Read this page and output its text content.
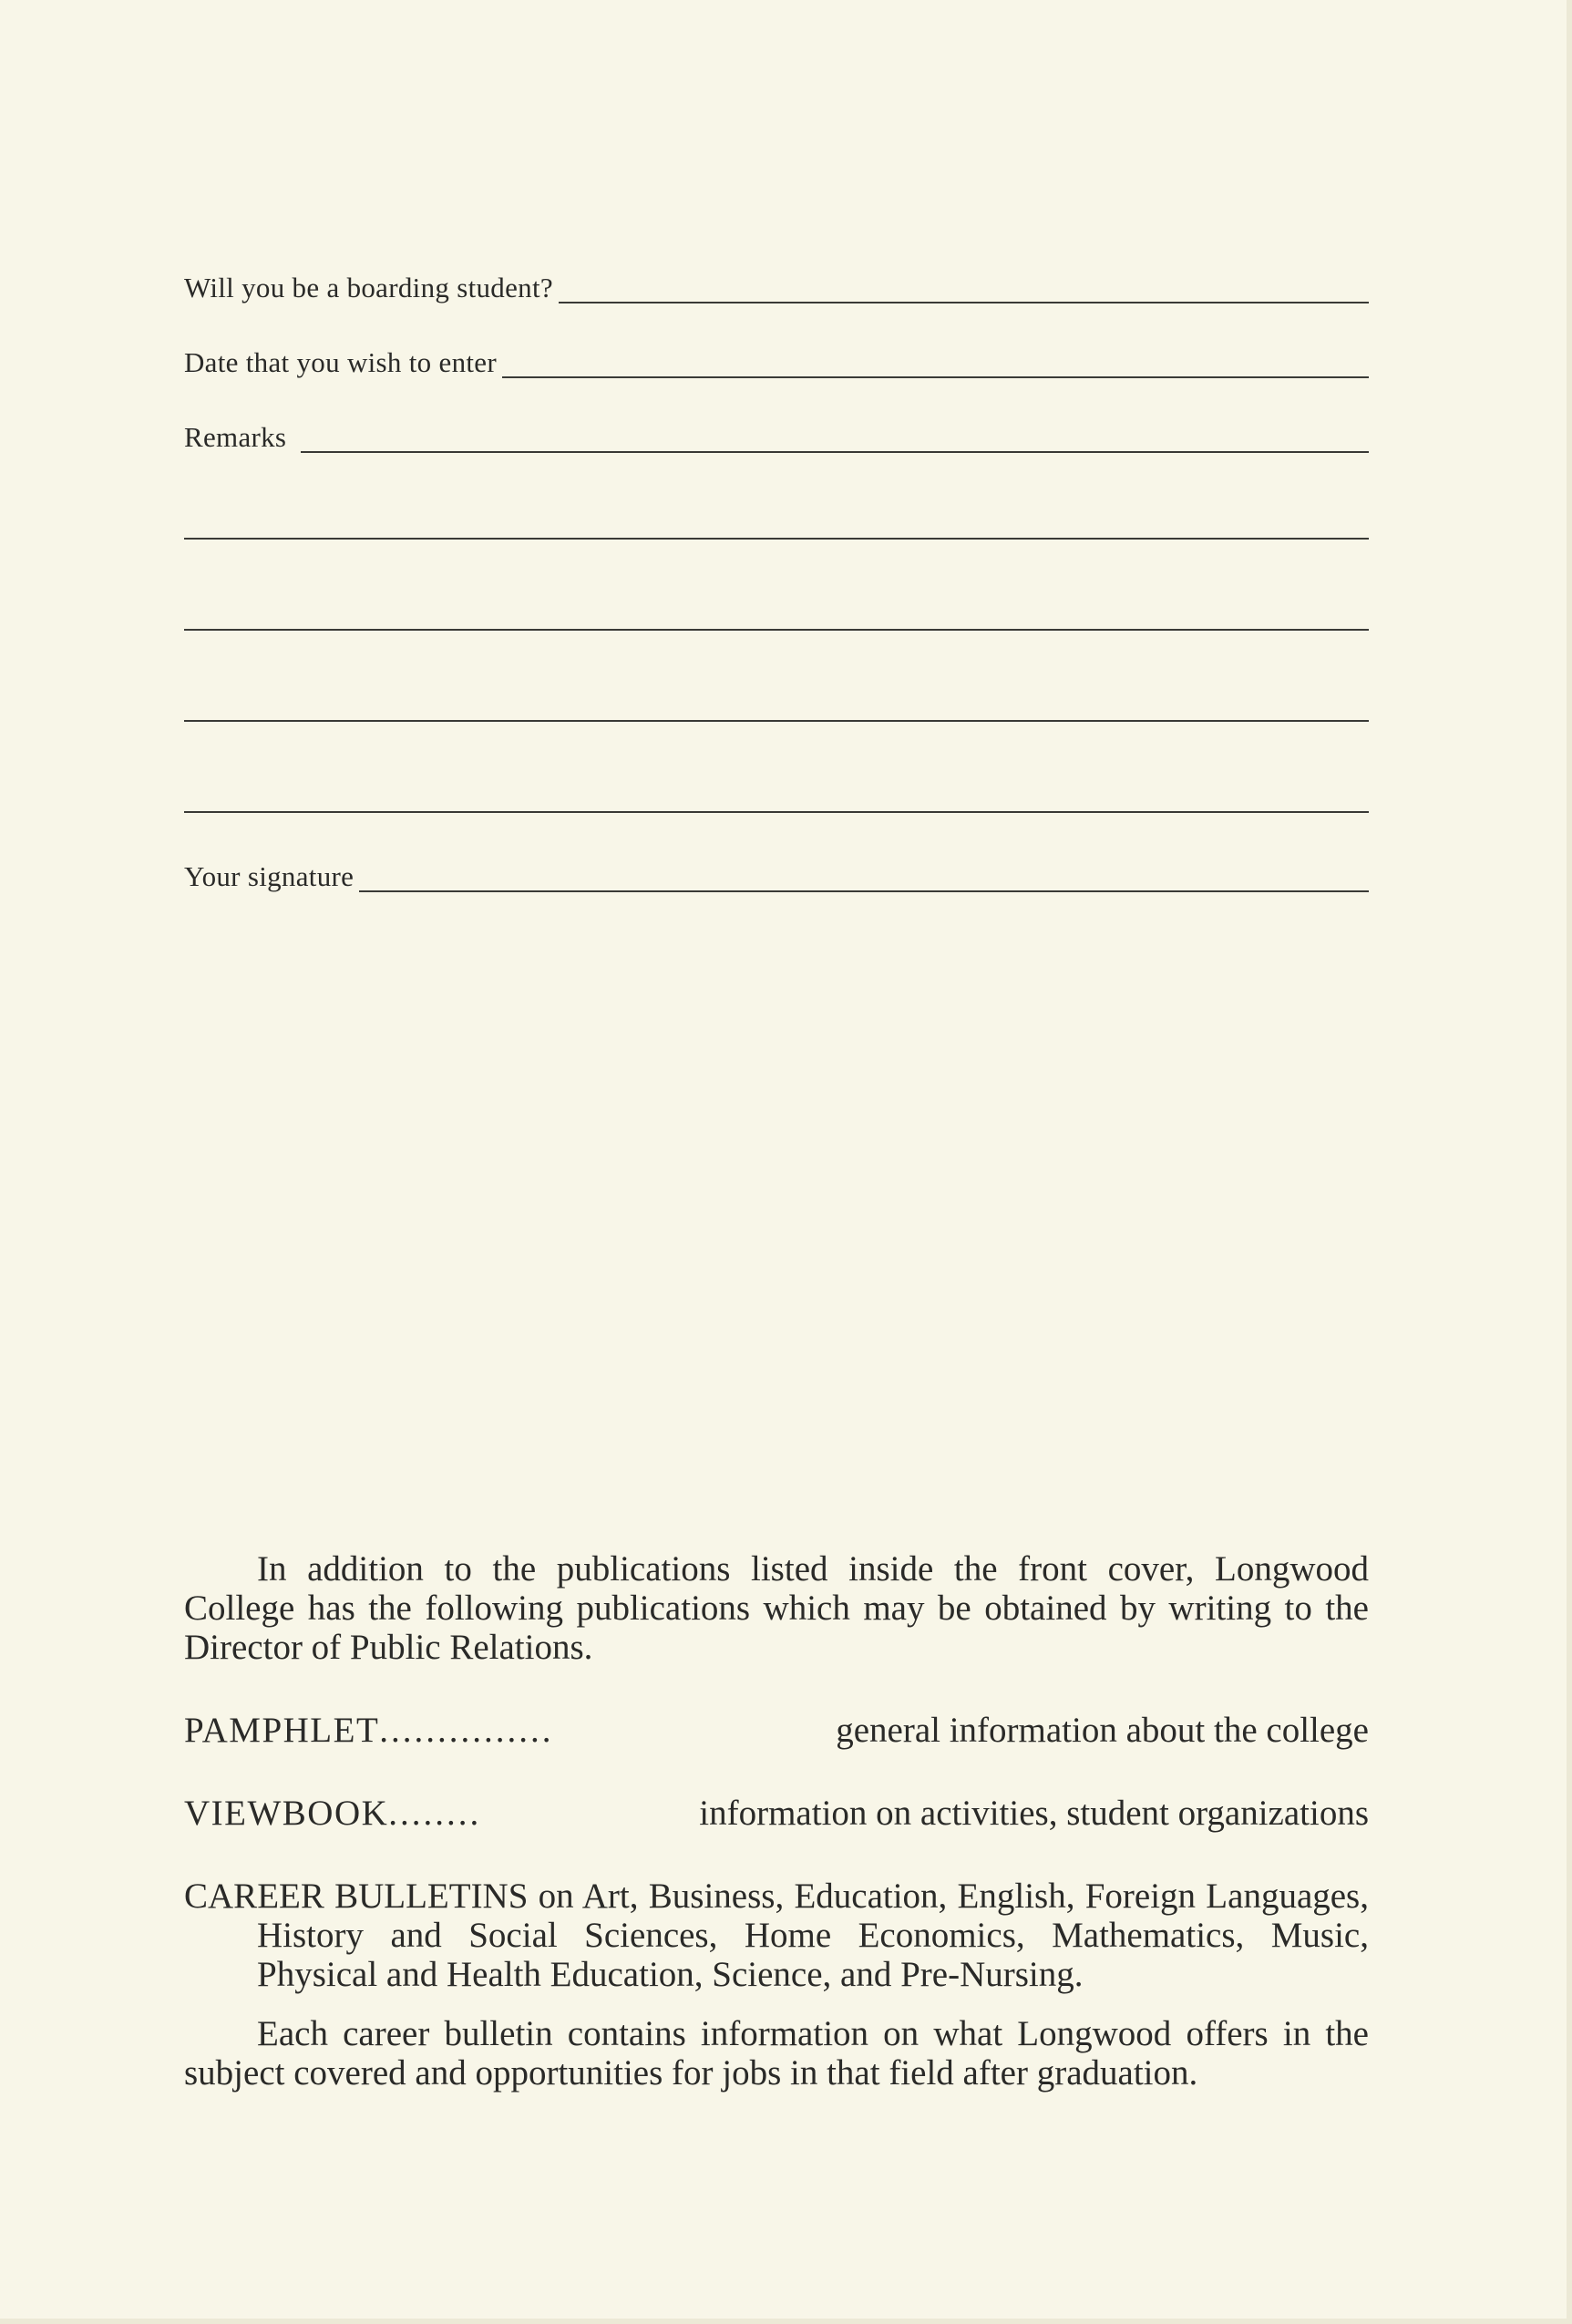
Will you be a boarding student?
Date that you wish to enter
Remarks
Your signature

In addition to the publications listed inside the front cover, Longwood College has the following publications which may be obtained by writing to the Director of Public Relations.

PAMPHLET ...............	general information about the college
VIEWBOOK ........	information on activities, student organizations

CAREER BULLETINS on Art, Business, Education, English, Foreign Languages, History and Social Sciences, Home Economics, Mathematics, Music, Physical and Health Education, Science, and Pre-Nursing.

Each career bulletin contains information on what Longwood offers in the subject covered and opportunities for jobs in that field after graduation.
